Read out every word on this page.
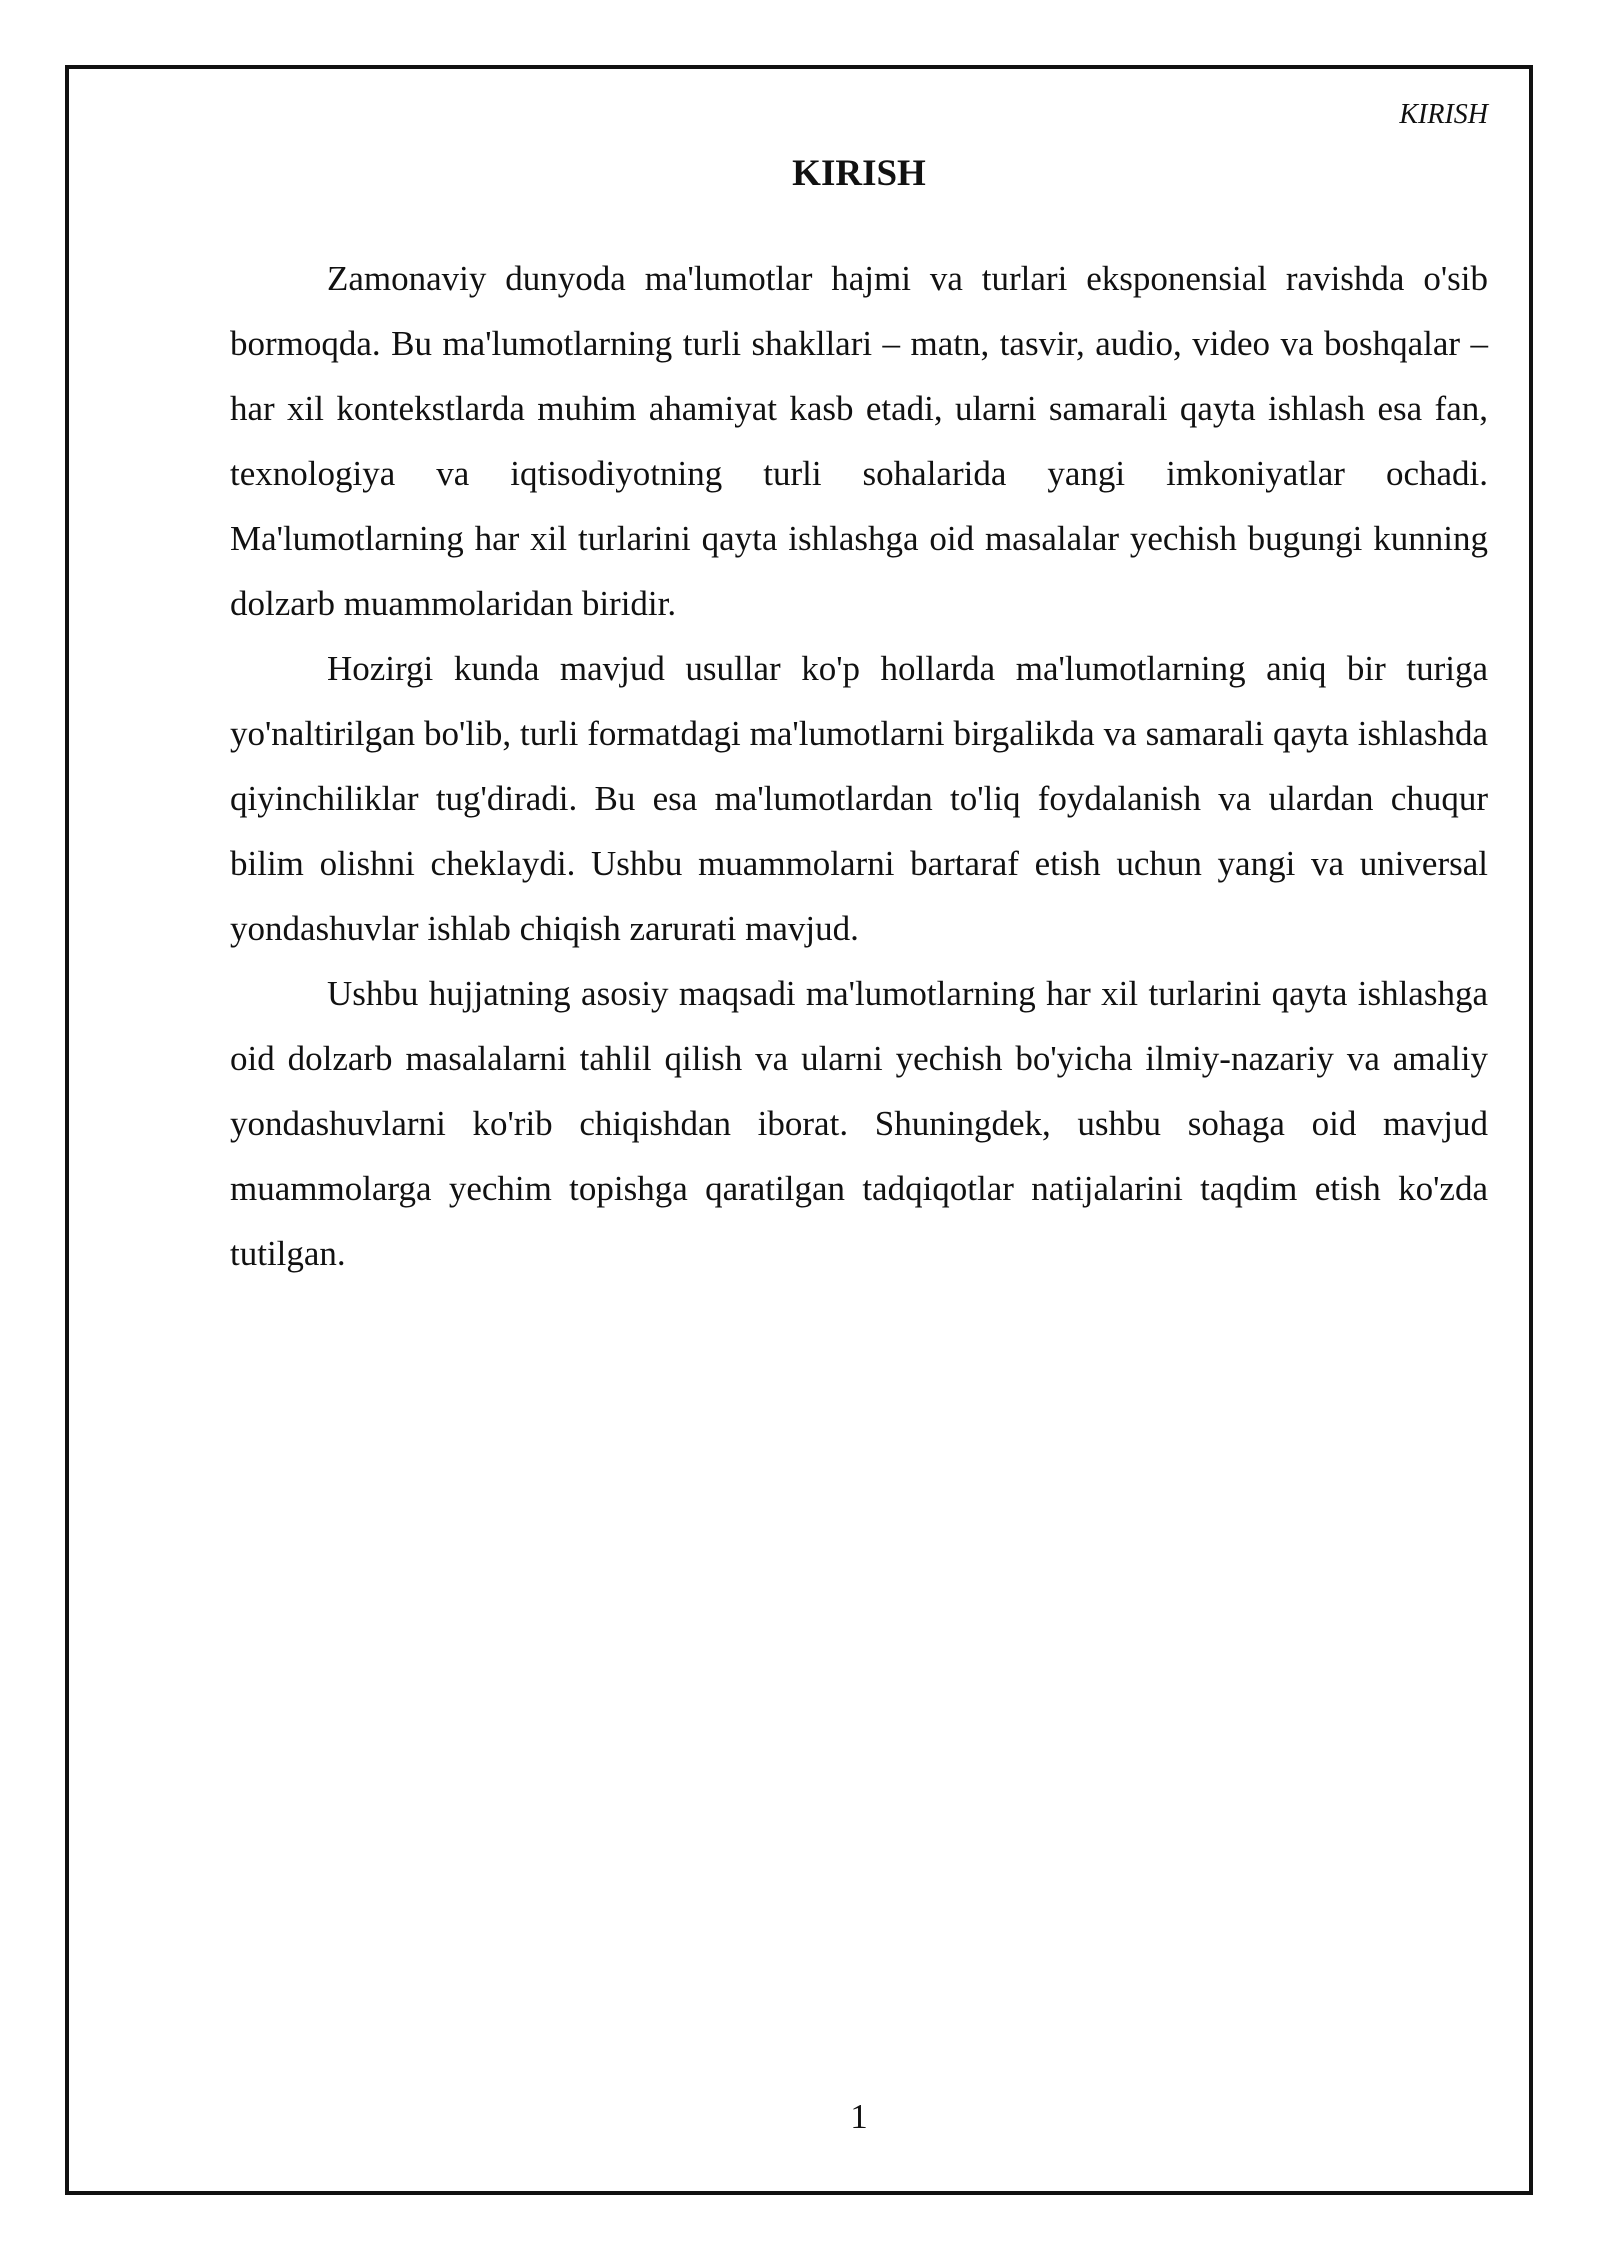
KIRISH
KIRISH

Zamonaviy dunyoda ma'lumotlar hajmi va turlari eksponensial ravishda o'sib bormoqda. Bu ma'lumotlarning turli shakllari – matn, tasvir, audio, video va boshqalar – har xil kontekstlarda muhim ahamiyat kasb etadi, ularni samarali qayta ishlash esa fan, texnologiya va iqtisodiyotning turli sohalarida yangi imkoniyatlar ochadi. Ma'lumotlarning har xil turlarini qayta ishlashga oid masalalar yechish bugungi kunning dolzarb muammolaridan biridir.

Hozirgi kunda mavjud usullar ko'p hollarda ma'lumotlarning aniq bir turiga yo'naltirilgan bo'lib, turli formatdagi ma'lumotlarni birgalikda va samarali qayta ishlashda qiyinchiliklar tug'diradi. Bu esa ma'lumotlardan to'liq foydalanish va ulardan chuqur bilim olishni cheklaydi. Ushbu muammolarni bartaraf etish uchun yangi va universal yondashuvlar ishlab chiqish zarurati mavjud.

Ushbu hujjatning asosiy maqsadi ma'lumotlarning har xil turlarini qayta ishlashga oid dolzarb masalalarni tahlil qilish va ularni yechish bo'yicha ilmiy-nazariy va amaliy yondashuvlarni ko'rib chiqishdan iborat. Shuningdek, ushbu sohaga oid mavjud muammolarga yechim topishga qaratilgan tadqiqotlar natijalarini taqdim etish ko'zda tutilgan.

1
